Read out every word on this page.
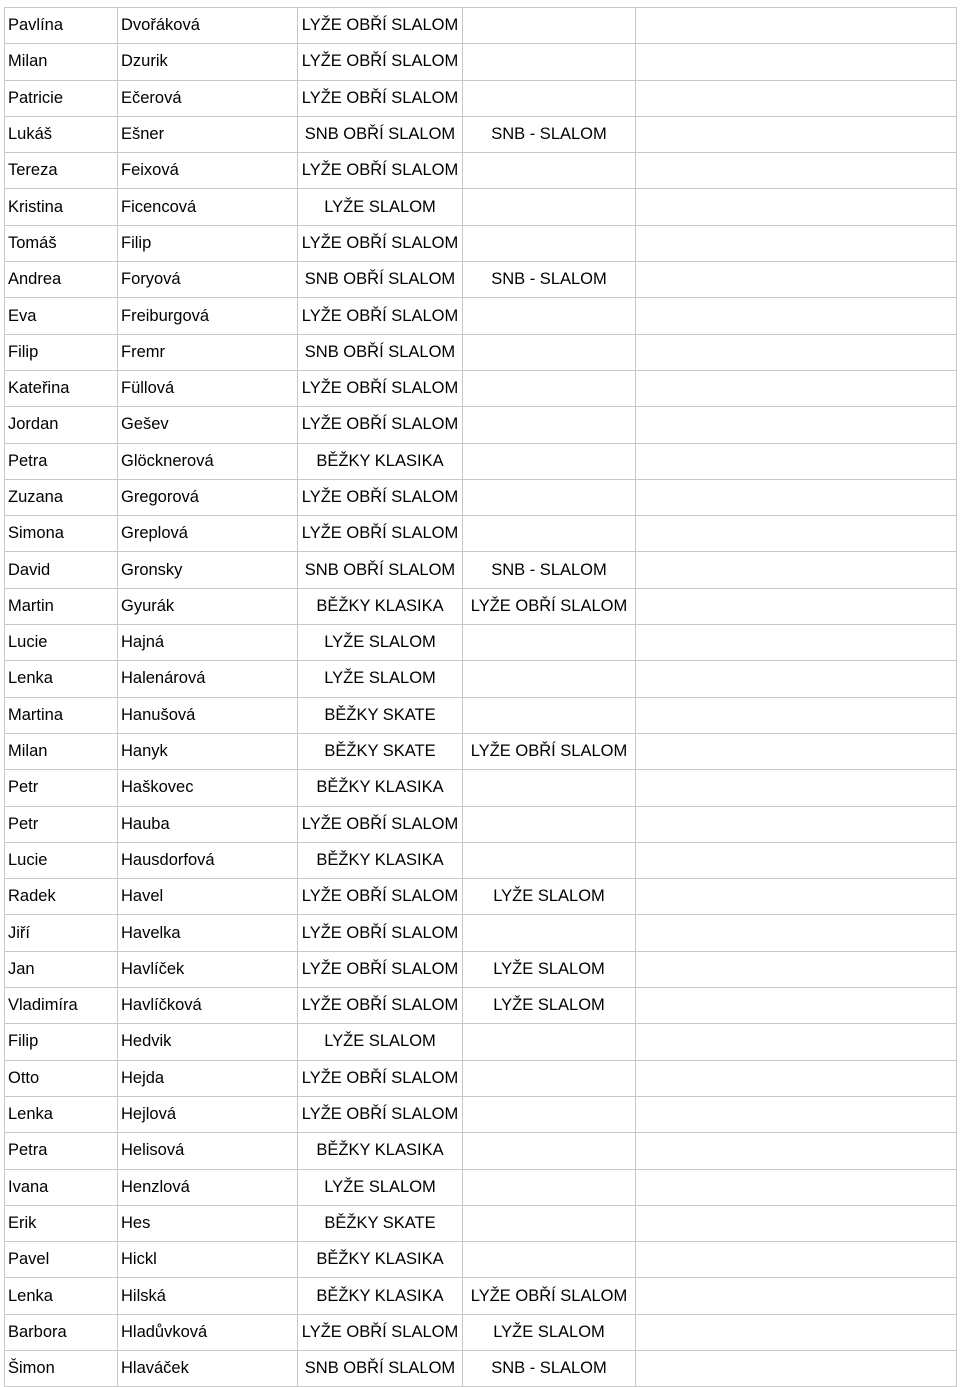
Pavlína	Dvořáková	LYŽE OBŘÍ SLALOM		
Milan	Dzurik	LYŽE OBŘÍ SLALOM		
Patricie	Ečerová	LYŽE OBŘÍ SLALOM		
Lukáš	Ešner	SNB OBŘÍ SLALOM	SNB - SLALOM	
Tereza	Feixová	LYŽE OBŘÍ SLALOM		
Kristina	Ficencová	LYŽE SLALOM		
Tomáš	Filip	LYŽE OBŘÍ SLALOM		
Andrea	Foryová	SNB OBŘÍ SLALOM	SNB - SLALOM	
Eva	Freiburgová	LYŽE OBŘÍ SLALOM		
Filip	Fremr	SNB OBŘÍ SLALOM		
Kateřina	Füllová	LYŽE OBŘÍ SLALOM		
Jordan	Gešev	LYŽE OBŘÍ SLALOM		
Petra	Glöcknerová	BĚŽKY KLASIKA		
Zuzana	Gregorová	LYŽE OBŘÍ SLALOM		
Simona	Greplová	LYŽE OBŘÍ SLALOM		
David	Gronsky	SNB OBŘÍ SLALOM	SNB - SLALOM	
Martin	Gyurák	BĚŽKY KLASIKA	LYŽE OBŘÍ SLALOM	
Lucie	Hajná	LYŽE SLALOM		
Lenka	Halenárová	LYŽE SLALOM		
Martina	Hanušová	BĚŽKY SKATE		
Milan	Hanyk	BĚŽKY SKATE	LYŽE OBŘÍ SLALOM	
Petr	Haškovec	BĚŽKY KLASIKA		
Petr	Hauba	LYŽE OBŘÍ SLALOM		
Lucie	Hausdorfová	BĚŽKY KLASIKA		
Radek	Havel	LYŽE OBŘÍ SLALOM	LYŽE SLALOM	
Jiří	Havelka	LYŽE OBŘÍ SLALOM		
Jan	Havlíček	LYŽE OBŘÍ SLALOM	LYŽE SLALOM	
Vladimíra	Havlíčková	LYŽE OBŘÍ SLALOM	LYŽE SLALOM	
Filip	Hedvik	LYŽE SLALOM		
Otto	Hejda	LYŽE OBŘÍ SLALOM		
Lenka	Hejlová	LYŽE OBŘÍ SLALOM		
Petra	Helisová	BĚŽKY KLASIKA		
Ivana	Henzlová	LYŽE SLALOM		
Erik	Hes	BĚŽKY SKATE		
Pavel	Hickl	BĚŽKY KLASIKA		
Lenka	Hilská	BĚŽKY KLASIKA	LYŽE OBŘÍ SLALOM	
Barbora	Hladůvková	LYŽE OBŘÍ SLALOM	LYŽE SLALOM	
Šimon	Hlaváček	SNB OBŘÍ SLALOM	SNB - SLALOM	
